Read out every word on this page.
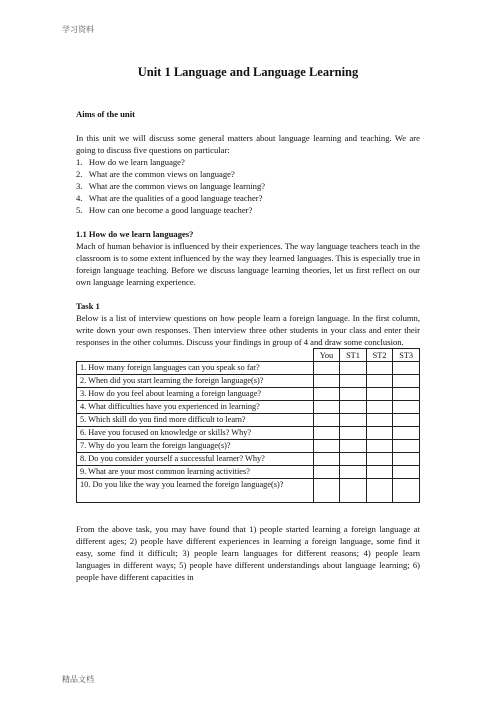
学习资料
Unit 1 Language and Language Learning
Aims of the unit

In this unit we will discuss some general matters about language learning and teaching. We are going to discuss five questions on particular:

1.   How do we learn language?
2.   What are the common views on language?
3.   What are the common views on language learning?
4.   What are the qualities of a good language teacher?
5.   How can one become a good language teacher?
1.1 How do we learn languages?

Mach of human behavior is influenced by their experiences. The way language teachers teach in the classroom is to some extent influenced by the way they learned languages. This is especially true in foreign language teaching. Before we discuss language learning theories, let us first reflect on our own language learning experience.

Task 1

Below is a list of interview questions on how people learn a foreign language. In the first column, write down your own responses. Then interview three other students in your class and enter their responses in the other columns. Discuss your findings in group of 4 and draw some conclusion.

	You	ST1	ST2	ST3
1. How many foreign languages can you speak so far?				
2. When did you start learning the foreign language(s)?				
3. How do you feel about learning a foreign language?				
4. What difficulties have you experienced in learning?				
5. Which skill do you find more difficult to learn?				
6. Have you focused on knowledge or skills? Why?				
7. Why do you learn the foreign language(s)?				
8. Do you consider yourself a successful learner? Why?				
9. What are your most common learning activities?				
10. Do you like the way you learned the foreign language(s)?				

From the above task, you may have found that 1) people started learning a foreign language at different ages; 2) people have different experiences in learning a foreign language, some find it easy, some find it difficult; 3) people learn languages for different reasons; 4) people learn languages in different ways; 5) people have different understandings about language learning; 6) people have different capacities in

精品文档
